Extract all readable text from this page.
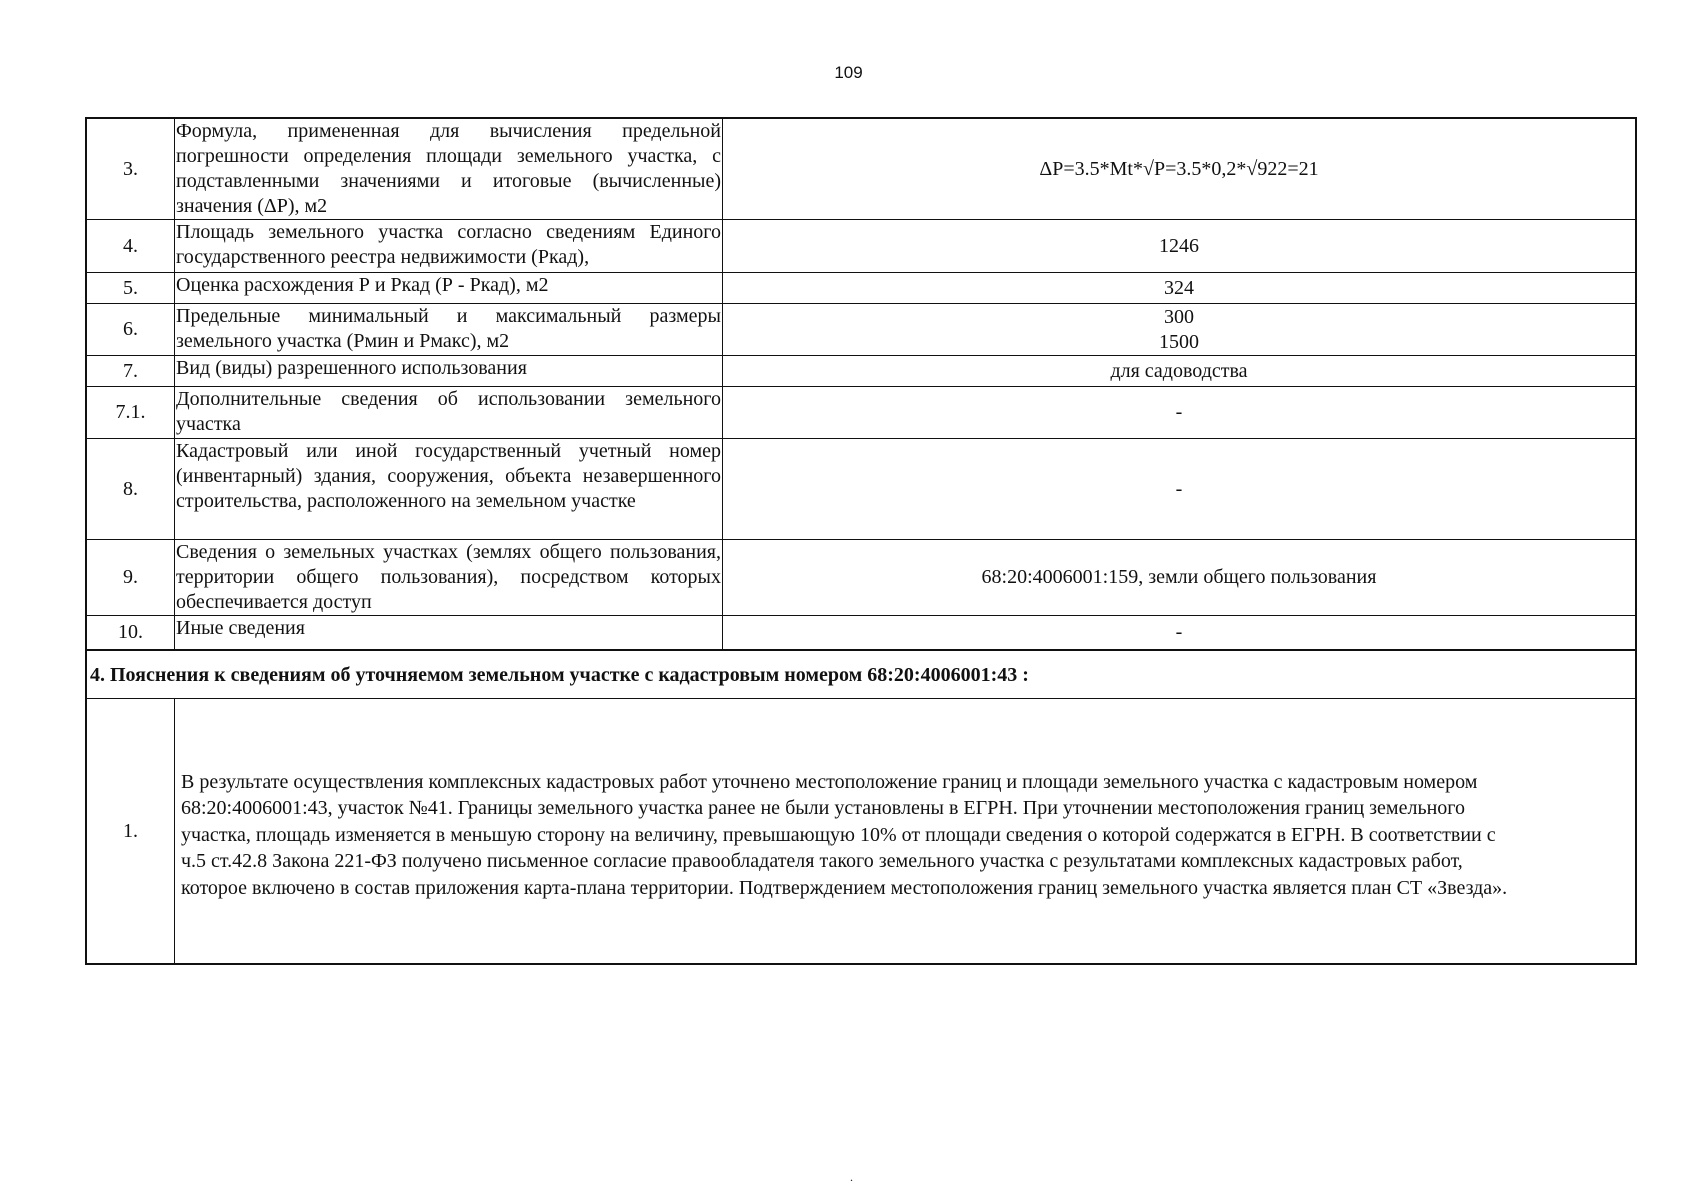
109
3.	Формула, примененная для вычисления предельной погрешности определения площади земельного участка, с подставленными значениями и итоговые (вычисленные) значения (ΔP), м2	ΔP=3.5*Mt*√P=3.5*0,2*√922=21
4.	Площадь земельного участка согласно сведениям Единого государственного реестра недвижимости (Ркад),	1246
5.	Оценка расхождения Р и Ркад (Р - Ркад), м2	324
6.	Предельные минимальный и максимальный размеры земельного участка (Рмин и Рмакс), м2	300
1500

7.	Вид (виды) разрешенного использования	для садоводства
7.1.	Дополнительные сведения об использовании земельного участка	-
8.	Кадастровый или иной государственный учетный номер (инвентарный) здания, сооружения, объекта незавершенного строительства, расположенного на земельном участке	-
9.	Сведения о земельных участках (землях общего пользования, территории общего пользования), посредством которых обеспечивается доступ	68:20:4006001:159, земли общего пользования
10.	Иные сведения	-
4. Пояснения к сведениям об уточняемом земельном участке с кадастровым номером 68:20:4006001:43 :		
1.	В результате осуществления комплексных кадастровых работ уточнено местоположение границ и площади земельного участка с кадастровым номером
68:20:4006001:43, участок №41. Границы земельного участка ранее не были установлены в ЕГРН. При уточнении местоположения границ земельного
участка, площадь изменяется в меньшую сторону на величину, превышающую 10% от площади сведения о которой содержатся в ЕГРН. В соответствии с
ч.5 ст.42.8 Закона 221-ФЗ получено письменное согласие правообладателя такого земельного участка с результатами комплексных кадастровых работ,
которое включено в состав приложения карта-плана территории. Подтверждением местоположения границ земельного участка является план СТ «Звезда».	
.
